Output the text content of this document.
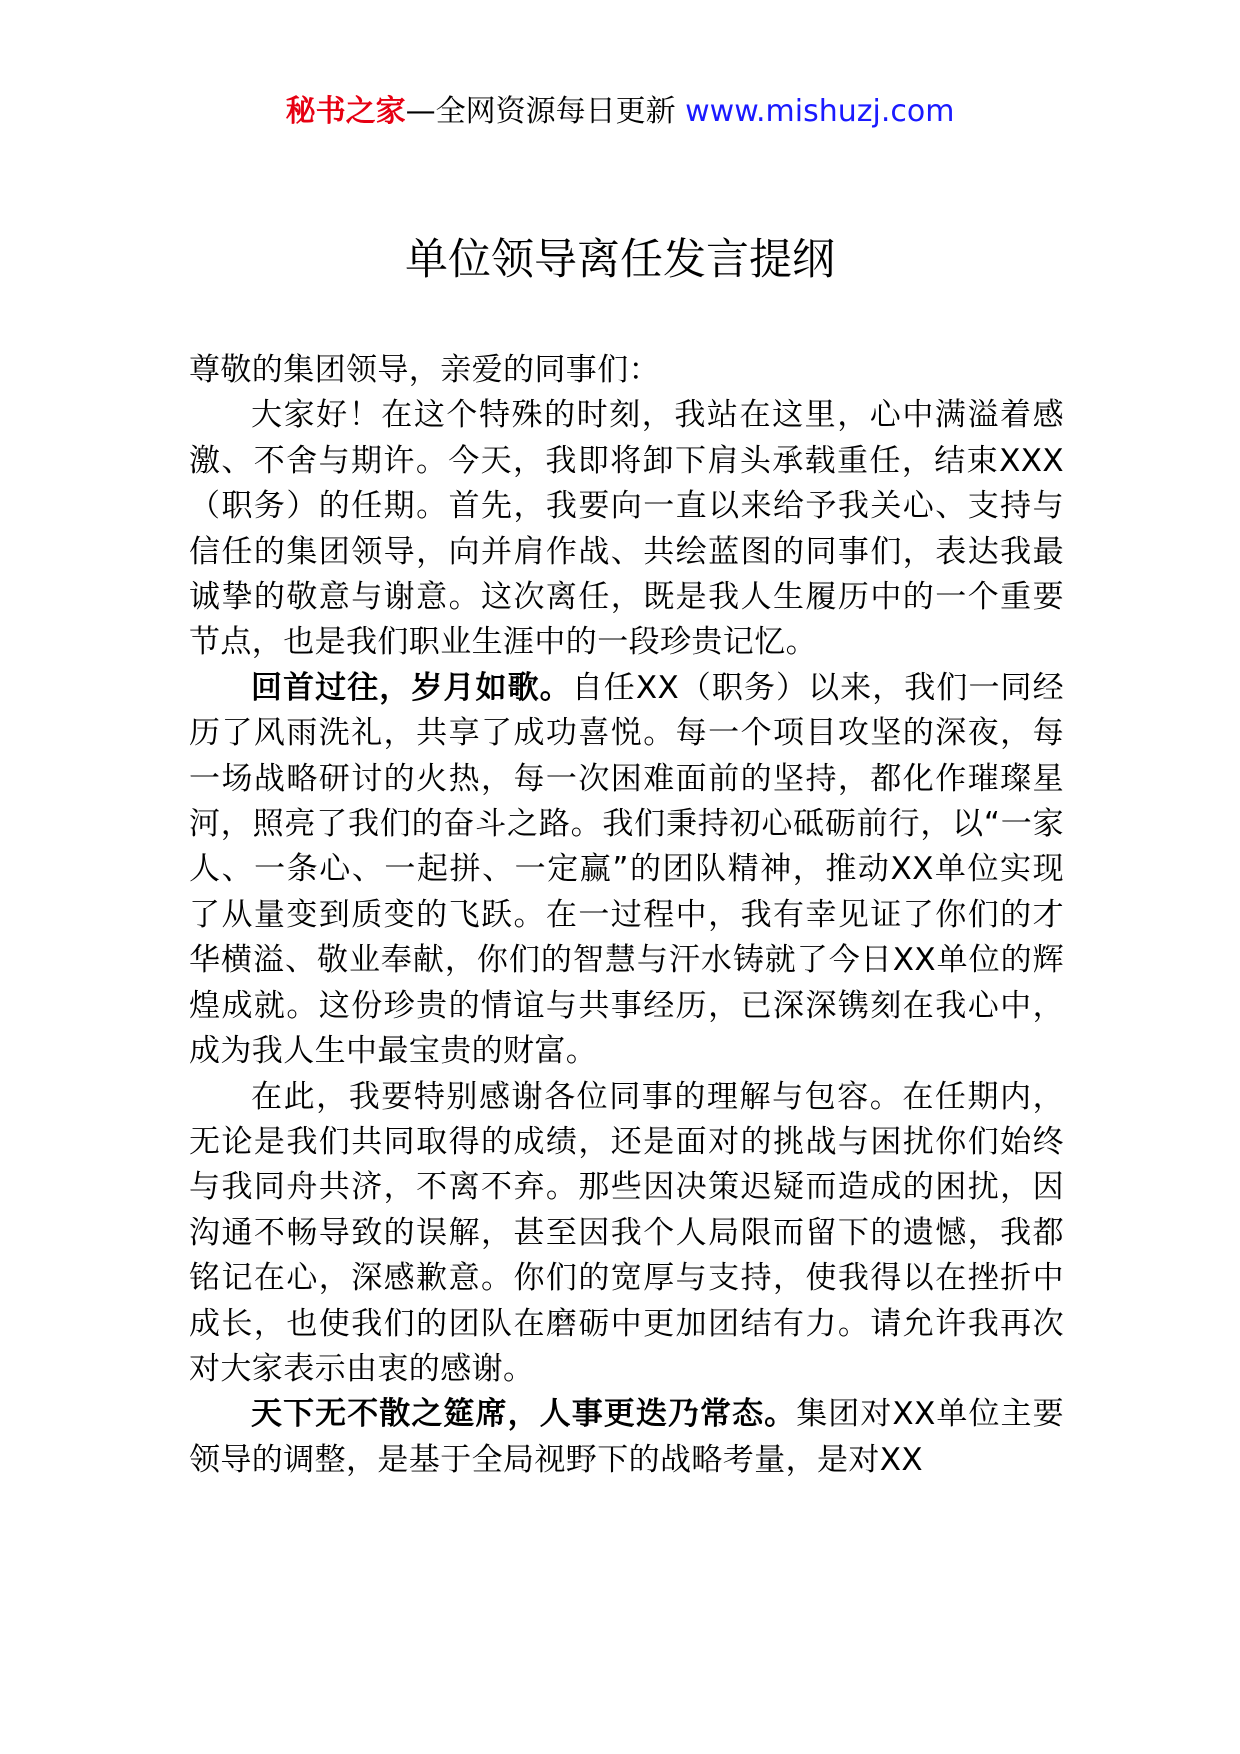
秘书之家—全网资源每日更新 www.mishuzj.com
单位领导离任发言提纲

尊敬的集团领导，亲爱的同事们：

大家好！在这个特殊的时刻，我站在这里，心中满溢着感激、不舍与期许。今天，我即将卸下肩头承载重任，结束XXX（职务）的任期。首先，我要向一直以来给予我关心、支持与信任的集团领导，向并肩作战、共绘蓝图的同事们，表达我最诚挚的敬意与谢意。这次离任，既是我人生履历中的一个重要节点，也是我们职业生涯中的一段珍贵记忆。

回首过往，岁月如歌。自任XX（职务）以来，我们一同经历了风雨洗礼，共享了成功喜悦。每一个项目攻坚的深夜，每一场战略研讨的火热，每一次困难面前的坚持，都化作璀璨星河，照亮了我们的奋斗之路。我们秉持初心砥砺前行，以“一家人、一条心、一起拼、一定赢”的团队精神，推动XX单位实现了从量变到质变的飞跃。在一过程中，我有幸见证了你们的才华横溢、敬业奉献，你们的智慧与汗水铸就了今日XX单位的辉煌成就。这份珍贵的情谊与共事经历，已深深镌刻在我心中，成为我人生中最宝贵的财富。

在此，我要特别感谢各位同事的理解与包容。在任期内，无论是我们共同取得的成绩，还是面对的挑战与困扰你们始终与我同舟共济，不离不弃。那些因决策迟疑而造成的困扰，因沟通不畅导致的误解，甚至因我个人局限而留下的遗憾，我都铭记在心，深感歉意。你们的宽厚与支持，使我得以在挫折中成长，也使我们的团队在磨砺中更加团结有力。请允许我再次对大家表示由衷的感谢。

天下无不散之筵席，人事更迭乃常态。集团对XX单位主要领导的调整，是基于全局视野下的战略考量，是对XX
